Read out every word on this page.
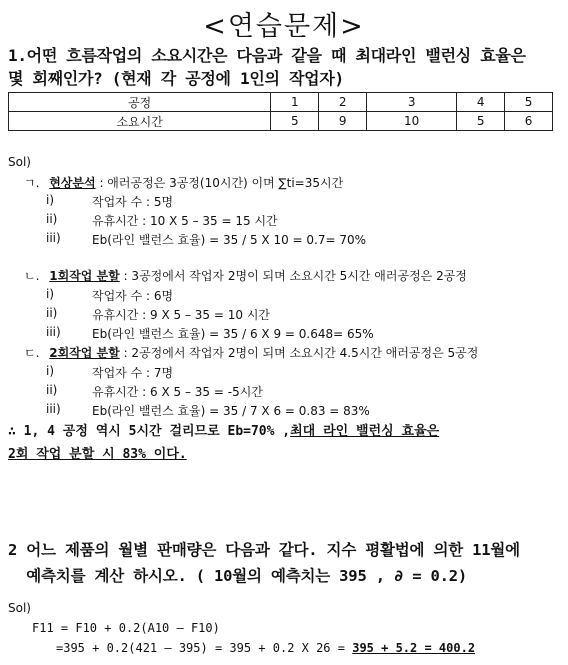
<연습문제>
1.어떤 흐름작업의 소요시간은 다음과 같을 때 최대라인 밸런싱 효율은
몇 회째인가? (현재 각 공정에 1인의 작업자)
공정	1	2	3	4	5
소요시간	5	9	10	5	6
Sol)
ㄱ. 현상분석 : 애러공정은 3공정(10시간) 이며 ∑ti=35시간
i)	작업자 수 : 5명
ii)	유휴시간 : 10 X 5 – 35 = 15 시간
iii)	Eb(라인 밸런스 효율) = 35 / 5 X 10 = 0.7= 70%
ㄴ. 1회작업 분할 : 3공정에서 작업자 2명이 되며 소요시간 5시간 애러공정은 2공정
i)	작업자 수 : 6명
ii)	유휴시간 : 9 X 5 – 35 = 10 시간
iii)	Eb(라인 밸런스 효율) = 35 / 6 X 9 = 0.648= 65%
ㄷ. 2회작업 분할 : 2공정에서 작업자 2명이 되며 소요시간 4.5시간 애러공정은 5공정
i)	작업자 수 : 7명
ii)	유휴시간 : 6 X 5 – 35 = -5시간
iii)	Eb(라인 밸런스 효율) = 35 / 7 X 6 = 0.83 = 83%
∴ 1, 4 공정 역시 5시간 걸리므로 Eb=70% ,최대 라인 밸런싱 효율은
2회 작업 분할 시 83% 이다.
2 어느 제품의 월별 판매량은 다음과 같다. 지수 평활법에 의한 11월에
예측치를 계산 하시오. ( 10월의 예측치는 395 , ∂ = 0.2)
Sol)
F11 = F10 + 0.2(A10 – F10)
=395 + 0.2(421 – 395) = 395 + 0.2 X 26 = 395 + 5.2 = 400.2
